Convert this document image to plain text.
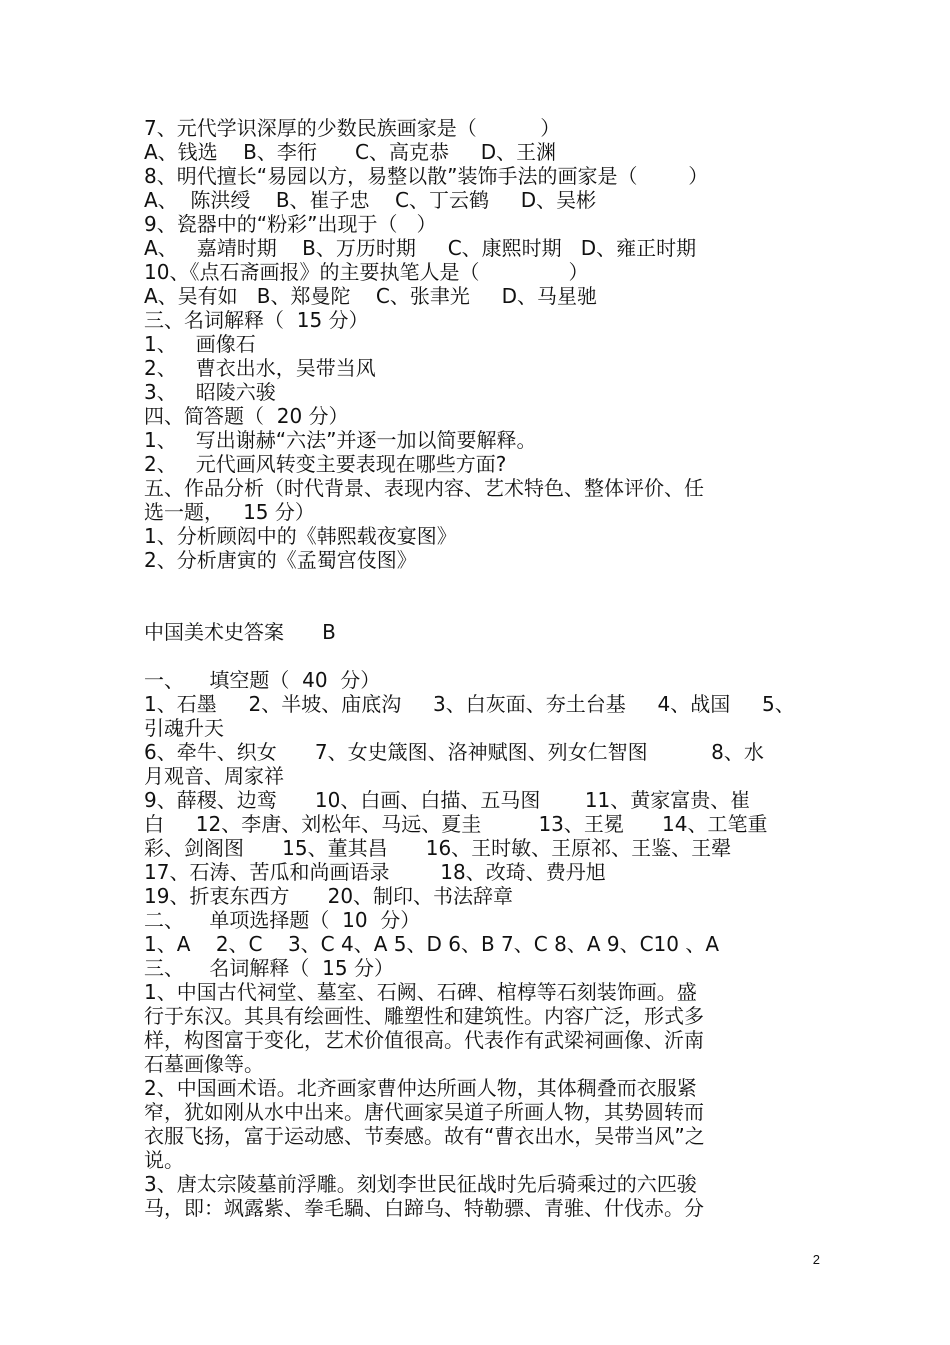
7、元代学识深厚的少数民族画家是（          ）
A、钱选    B、李衎      C、高克恭     D、王渊
8、明代擅长“易园以方，易整以散”装饰手法的画家是（        ）
A、  陈洪绶    B、崔子忠    C、丁云鹤     D、吴彬
9、瓷器中的“粉彩”出现于（   ）
A、   嘉靖时期    B、万历时期     C、康熙时期   D、雍正时期
10、《点石斋画报》的主要执笔人是（              ）
A、吴有如   B、郑曼陀    C、张聿光     D、马星驰
三、名词解释（  15 分）
1、   画像石
2、   曹衣出水，吴带当风
3、   昭陵六骏
四、简答题（  20 分）
1、   写出谢赫“六法”并逐一加以简要解释。
2、   元代画风转变主要表现在哪些方面?
五、作品分析（时代背景、表现内容、艺术特色、整体评价、任
选一题，   15 分）
1、分析顾闳中的《韩熙载夜宴图》
2、分析唐寅的《孟蜀宫伎图》
中国美术史答案      B
一、    填空题（  40  分）
1、石墨     2、半坡、庙底沟     3、白灰面、夯土台基     4、战国     5、
引魂升天
6、牵牛、织女      7、女史箴图、洛神赋图、列女仁智图          8、水
月观音、周家祥
9、薛稷、边鸾      10、白画、白描、五马图       11、黄家富贵、崔
白     12、李唐、刘松年、马远、夏圭         13、王冕      14、工笔重
彩、剑阁图      15、董其昌      16、王时敏、王原祁、王鉴、王翚
17、石涛、苦瓜和尚画语录        18、改琦、费丹旭
19、折衷东西方      20、制印、书法辞章
二、    单项选择题（  10  分）
1、A    2、C    3、C 4、A 5、D 6、B 7、C 8、A 9、C10 、A
三、    名词解释（  15 分）
1、中国古代祠堂、墓室、石阙、石碑、棺椁等石刻装饰画。盛
行于东汉。其具有绘画性、雕塑性和建筑性。内容广泛，形式多
样，构图富于变化，艺术价值很高。代表作有武梁祠画像、沂南
石墓画像等。
2、中国画术语。北齐画家曹仲达所画人物，其体稠叠而衣服紧
窄，犹如刚从水中出来。唐代画家吴道子所画人物，其势圆转而
衣服飞扬，富于运动感、节奏感。故有“曹衣出水，吴带当风”之
说。
3、唐太宗陵墓前浮雕。刻划李世民征战时先后骑乘过的六匹骏
马，即：飒露紫、拳毛騧、白蹄乌、特勒骠、青骓、什伐赤。分
2
